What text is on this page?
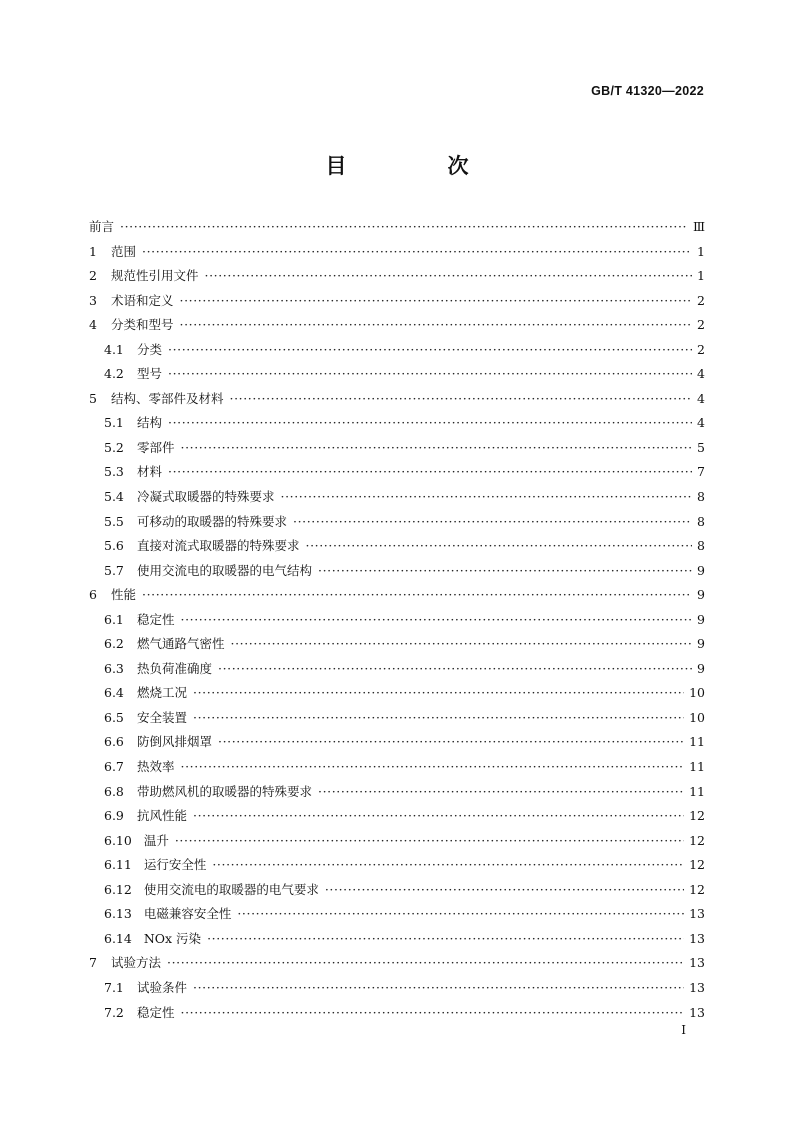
GB/T 41320—2022
目　次
前言 ·····	Ⅲ
1 范围 ·····	1
2 规范性引用文件 ·····	1
3 术语和定义 ·····	2
4 分类和型号 ·····	2
4.1 分类 ·····	2
4.2 型号 ·····	4
5 结构、零部件及材料 ·····	4
5.1 结构 ·····	4
5.2 零部件 ·····	5
5.3 材料 ·····	7
5.4 冷凝式取暖器的特殊要求 ·····	8
5.5 可移动的取暖器的特殊要求 ·····	8
5.6 直接对流式取暖器的特殊要求 ·····	8
5.7 使用交流电的取暖器的电气结构 ·····	9
6 性能 ·····	9
6.1 稳定性 ·····	9
6.2 燃气通路气密性 ·····	9
6.3 热负荷准确度 ·····	9
6.4 燃烧工况 ·····	10
6.5 安全装置 ·····	10
6.6 防倒风排烟罩 ·····	11
6.7 热效率 ·····	11
6.8 带助燃风机的取暖器的特殊要求 ·····	11
6.9 抗风性能 ·····	12
6.10 温升 ·····	12
6.11 运行安全性 ·····	12
6.12 使用交流电的取暖器的电气要求 ·····	12
6.13 电磁兼容安全性 ·····	13
6.14 NOx 污染 ·····	13
7 试验方法 ·····	13
7.1 试验条件 ·····	13
7.2 稳定性 ·····	13
Ⅰ
